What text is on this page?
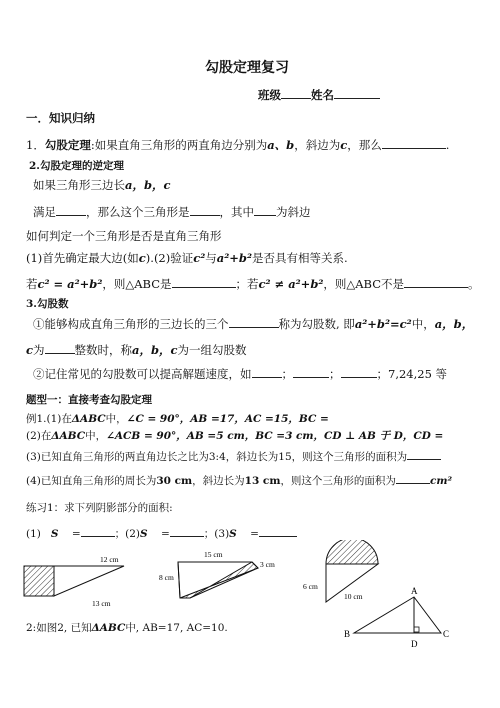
勾股定理复习
班级	姓名
一．知识归纳
1．勾股定理:如果直角三角形的两直角边分别为a、b，斜边为c，那么	.
2.勾股定理的逆定理
如果三角形三边长a，b，c
满足	，那么这个三角形是	，其中 为斜边
如何判定一个三角形是否是直角三角形
(1)首先确定最大边(如c).(2)验证c²与a²+b²是否具有相等关系.
若c² = a²+b²，则△ABC是	；若c² ≠ a²+b²，则△ABC不是	。
3.勾股数
①能够构成直角三角形的三边长的三个	称为勾股数, 即a²+b²=c²中，a，b，
c为	整数时，称a，b，c为一组勾股数
②记住常见的勾股数可以提高解题速度，如	；	；	；7,24,25 等
题型一：直接考查勾股定理
例1.(1)在ΔABC中，∠C = 90°，AB =17，AC =15，BC =
(2)在ΔABC中，∠ACB = 90°，AB =5 cm，BC =3 cm，CD ⊥ AB 于 D，CD =
(3)已知直角三角形的两直角边长之比为3:4，斜边长为15，则这个三角形的面积为
(4)已知直角三角形的周长为30 cm，斜边长为13 cm，则这个三角形的面积为	cm²
练习1：求下列阴影部分的面积:
(1) S =	；(2)S =	；(3)S =
12 cm
13 cm
15 cm
8 cm
3 cm
6 cm
10 cm
A
B	C
D
2:如图2, 已知ΔABC中, AB=17, AC=10.
